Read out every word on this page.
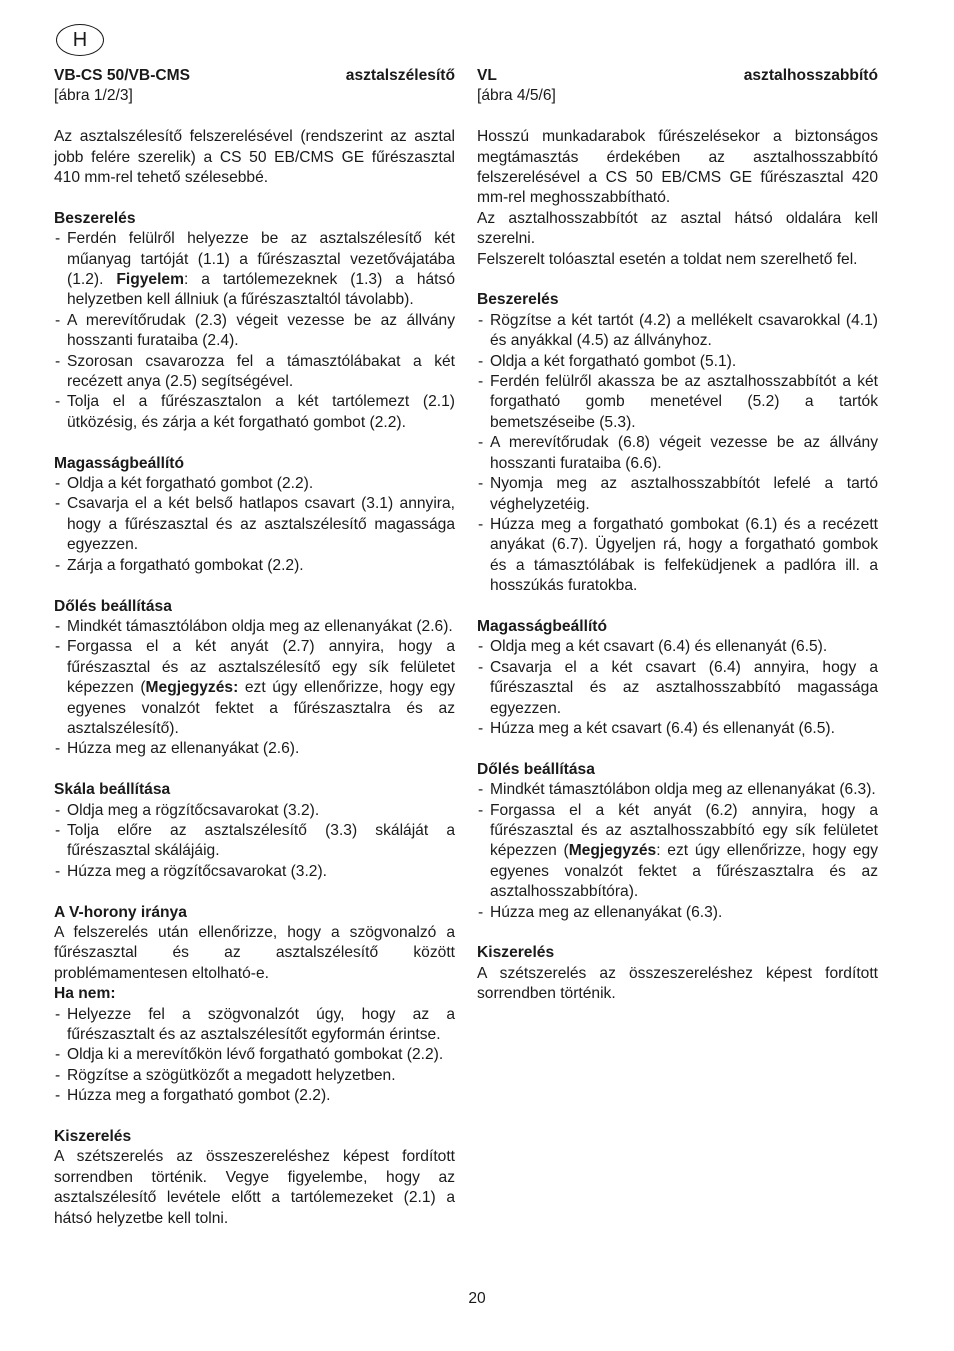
H
VB-CS 50/VB-CMS	asztalszélesítő

[ábra 1/2/3]

Az asztalszélesítő felszerelésével (rendszerint az asztal jobb felére szerelik) a CS 50 EB/CMS GE fűrészasztal 410 mm-rel tehető szélesebbé.

Beszerelés

- Ferdén felülről helyezze be az asztalszélesítő két műanyag tartóját (1.1) a fűrészasztal vezetővájatába (1.2). Figyelem: a tartólemezeknek (1.3) a hátsó helyzetben kell állniuk (a fűrészasztaltól távolabb).
- A merevítőrudak (2.3) végeit vezesse be az állvány hosszanti furataiba (2.4).
- Szorosan csavarozza fel a támasztólábakat a két recézett anya (2.5) segítségével.
- Tolja el a fűrészasztalon a két tartólemezt (2.1) ütközésig, és zárja a két forgatható gombot (2.2).

Magasságbeállító

- Oldja a két forgatható gombot (2.2).
- Csavarja el a két belső hatlapos csavart (3.1) annyira, hogy a fűrészasztal és az asztalszélesítő magassága egyezzen.
- Zárja a forgatható gombokat (2.2).

Dőlés beállítása

- Mindkét támasztólábon oldja meg az ellenanyákat (2.6).
- Forgassa el a két anyát (2.7) annyira, hogy a fűrészasztal és az asztalszélesítő egy sík felületet képezzen (Megjegyzés: ezt úgy ellenőrizze, hogy egy egyenes vonalzót fektet a fűrészasztalra és az asztalszélesítő).
- Húzza meg az ellenanyákat (2.6).

Skála beállítása

- Oldja meg a rögzítőcsavarokat (3.2).
- Tolja előre az asztalszélesítő (3.3) skáláját a fűrészasztal skálájáig.
- Húzza meg a rögzítőcsavarokat (3.2).

A V-horony iránya

A felszerelés után ellenőrizze, hogy a szögvonalzó a fűrészasztal és az asztalszélesítő között problémamentesen eltolható-e.

Ha nem:

- Helyezze fel a szögvonalzót úgy, hogy az a fűrészasztalt és az asztalszélesítőt egyformán érintse.
- Oldja ki a merevítőkön lévő forgatható gombokat (2.2).
- Rögzítse a szögütközőt a megadott helyzetben.
- Húzza meg a forgatható gombot (2.2).

Kiszerelés

A szétszerelés az összeszereléshez képest fordított sorrendben történik. Vegye figyelembe, hogy az asztalszélesítő levétele előtt a tartólemezeket (2.1) a hátsó helyzetbe kell tolni.

VL	asztalhosszabbító

[ábra 4/5/6]

Hosszú munkadarabok fűrészelésekor a biztonságos megtámasztás érdekében az asztalhosszabbító felszerelésével a CS 50 EB/CMS GE fűrészasztal 420 mm-rel meghosszabbítható.

Az asztalhosszabbítót az asztal hátsó oldalára kell szerelni.

Felszerelt tolóasztal esetén a toldat nem szerelhető fel.

Beszerelés

- Rögzítse a két tartót (4.2) a mellékelt csavarokkal (4.1) és anyákkal (4.5) az állványhoz.
- Oldja a két forgatható gombot (5.1).
- Ferdén felülről akassza be az asztalhosszabbítót a két forgatható gomb menetével (5.2) a tartók bemetszéseibe (5.3).
- A merevítőrudak (6.8) végeit vezesse be az állvány hosszanti furataiba (6.6).
- Nyomja meg az asztalhosszabbítót lefelé a tartó véghelyzetéig.
- Húzza meg a forgatható gombokat (6.1) és a recézett anyákat (6.7). Ügyeljen rá, hogy a forgatható gombok és a támasztólábak is felfekü​djenek a padlóra ill. a hosszúkás furatokba.

Magasságbeállító

- Oldja meg a két csavart (6.4) és ellenanyát (6.5).
- Csavarja el a két csavart (6.4) annyira, hogy a fűrészasztal és az asztalhosszabbító magassága egyezzen.
- Húzza meg a két csavart (6.4) és ellenanyát (6.5).

Dőlés beállítása

- Mindkét támasztólábon oldja meg az ellenanyákat (6.3).
- Forgassa el a két anyát (6.2) annyira, hogy a fűrészasztal és az asztalhosszabbító egy sík felületet képezzen (Megjegyzés: ezt úgy ellenőrizze, hogy egy egyenes vonalzót fektet a fűrészasztalra és az asztalhosszabbítóra).
- Húzza meg az ellenanyákat (6.3).

Kiszerelés

A szétszerelés az összeszereléshez képest fordított sorrendben történik.

20
